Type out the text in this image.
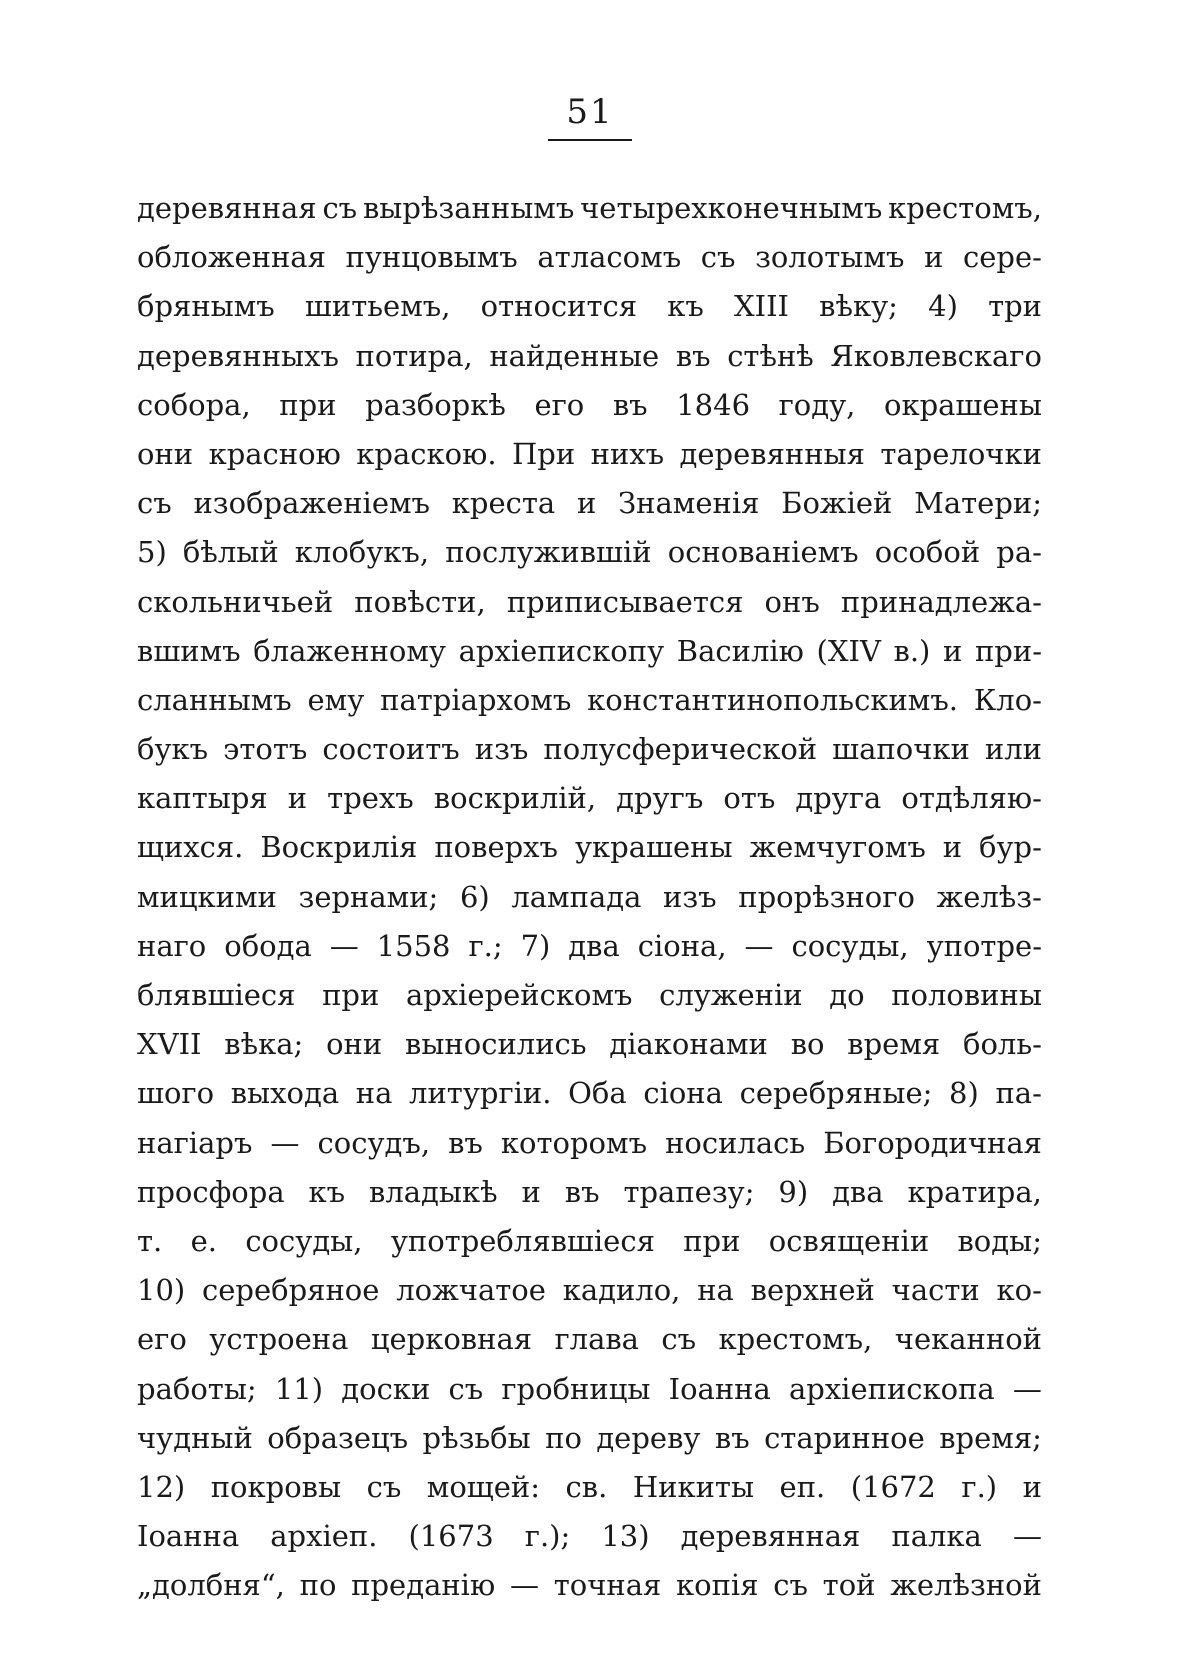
51
деревянная съ вырѣзаннымъ четырехконечнымъ крестомъ,
обложенная пунцовымъ атласомъ съ золотымъ и сере-
брянымъ шитьемъ, относится къ XIII вѣку; 4) три
деревянныхъ потира, найденные въ стѣнѣ Яковлевскаго
собора, при разборкѣ его въ 1846 году, окрашены
они красною краскою. При нихъ деревянныя тарелочки
съ изображеніемъ креста и Знаменія Божіей Матери;
5) бѣлый клобукъ, послужившій основаніемъ особой ра-
скольничьей повѣсти, приписывается онъ принадлежа-
вшимъ блаженному архіепископу Василію (XIV в.) и при-
сланнымъ ему патріархомъ константинопольскимъ. Кло-
букъ этотъ состоитъ изъ полусферической шапочки или
каптыря и трехъ воскрилій, другъ отъ друга отдѣляю-
щихся. Воскрилія поверхъ украшены жемчугомъ и бур-
мицкими зернами; 6) лампада изъ прорѣзного желѣз-
наго обода — 1558 г.; 7) два сіона, — сосуды, употре-
блявшіеся при архіерейскомъ служеніи до половины
XVII вѣка; они выносились діаконами во время боль-
шого выхода на литургіи. Оба сіона серебряные; 8) па-
нагіаръ — сосудъ, въ которомъ носилась Богородичная
просфора къ владыкѣ и въ трапезу; 9) два кратира,
т. е. сосуды, употреблявшіеся при освященіи воды;
10) серебряное ложчатое кадило, на верхней части ко-
его устроена церковная глава съ крестомъ, чеканной
работы; 11) доски съ гробницы Іоанна архіепископа —
чудный образецъ рѣзьбы по дереву въ старинное время;
12) покровы съ мощей: св. Никиты еп. (1672 г.) и
Іоанна архіеп. (1673 г.); 13) деревянная палка —
„долбня“, по преданію — точная копія съ той желѣзной
